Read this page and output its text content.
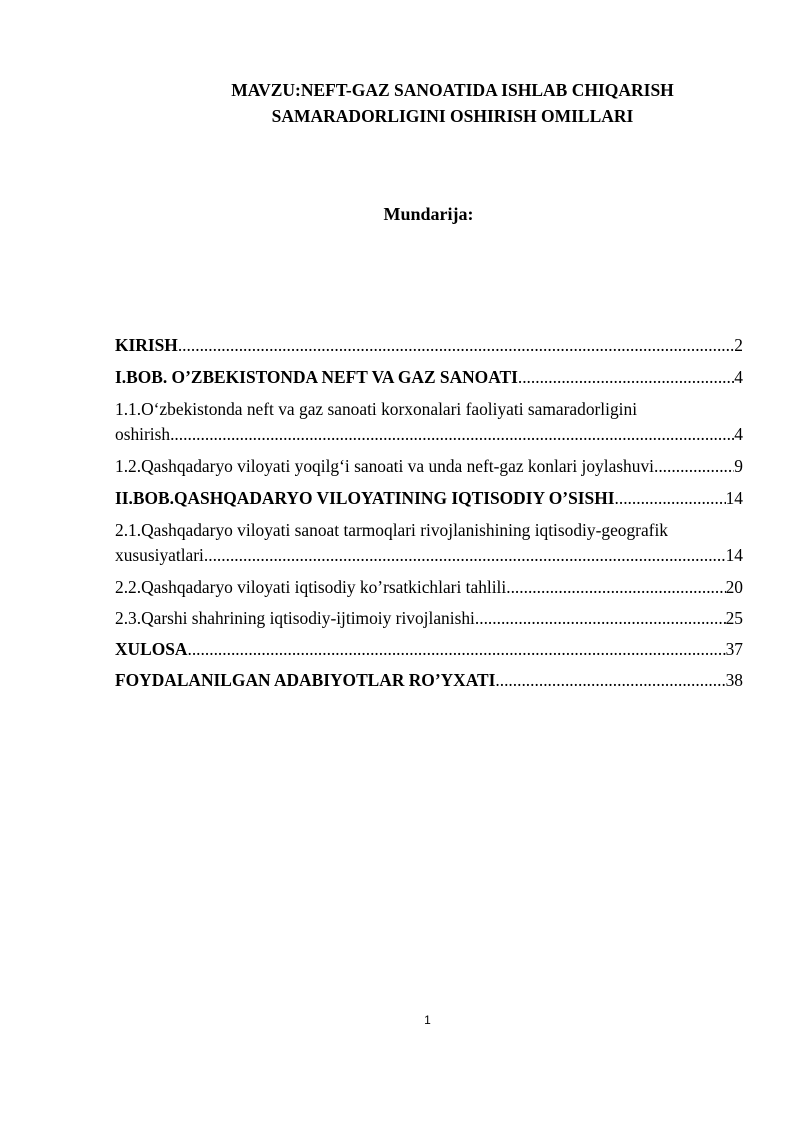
MAVZU:NEFT-GAZ SANOATIDA ISHLAB CHIQARISH
SAMARADORLIGINI OSHIRISH OMILLARI
Mundarija:
KIRISH .....	2
I.BOB. O’ZBEKISTONDA NEFT VA GAZ SANOATI .....	4
1.1.O‘zbekistonda neft va gaz sanoati korxonalari faoliyati samaradorligini
oshirish .....	4
1.2.Qashqadaryo viloyati yoqilg‘i sanoati va unda neft-gaz konlari joylashuvi .....	9
II.BOB.QASHQADARYO VILOYATINING IQTISODIY O’SISHI .....	14
2.1.Qashqadaryo viloyati sanoat tarmoqlari rivojlanishining iqtisodiy-geografik
xususiyatlari .....	14
2.2.Qashqadaryo viloyati iqtisodiy ko’rsatkichlari tahlili .....	20
2.3.Qarshi shahrining iqtisodiy-ijtimoiy rivojlanishi .....	25
XULOSA .....	37
FOYDALANILGAN ADABIYOTLAR RO’YXATI .....	38
1
